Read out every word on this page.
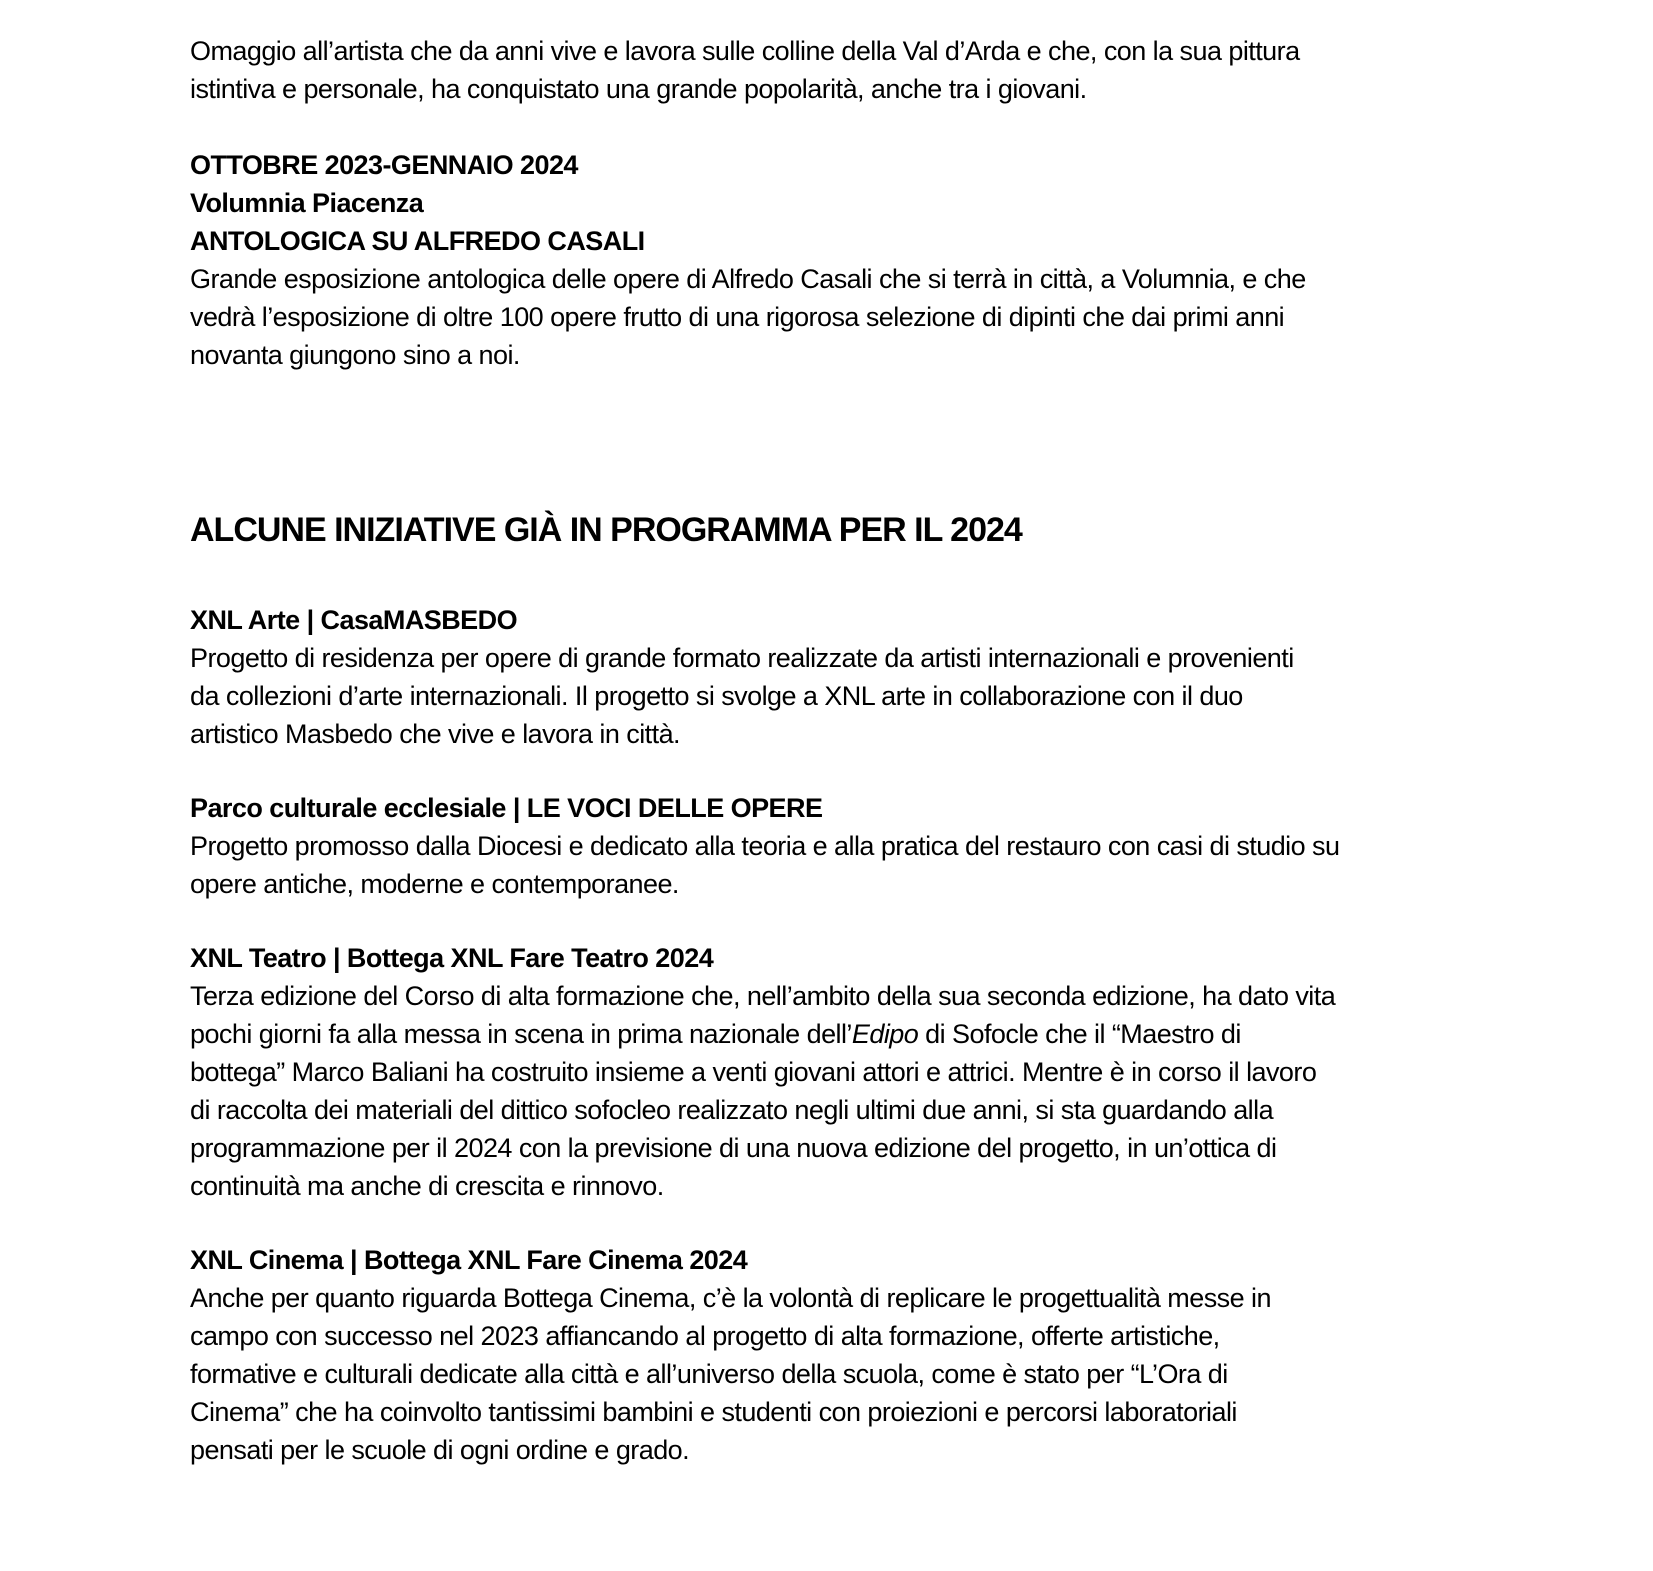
Omaggio all’artista che da anni vive e lavora sulle colline della Val d’Arda e che, con la sua pittura
istintiva e personale, ha conquistato una grande popolarità, anche tra i giovani.
OTTOBRE 2023-GENNAIO 2024
Volumnia Piacenza
ANTOLOGICA SU ALFREDO CASALI
Grande esposizione antologica delle opere di Alfredo Casali che si terrà in città, a Volumnia, e che
vedrà l’esposizione di oltre 100 opere frutto di una rigorosa selezione di dipinti che dai primi anni
novanta giungono sino a noi.
ALCUNE INIZIATIVE GIÀ IN PROGRAMMA PER IL 2024
XNL Arte | CasaMASBEDO
Progetto di residenza per opere di grande formato realizzate da artisti internazionali e provenienti
da collezioni d’arte internazionali. Il progetto si svolge a XNL arte in collaborazione con il duo
artistico Masbedo che vive e lavora in città.
Parco culturale ecclesiale | LE VOCI DELLE OPERE
Progetto promosso dalla Diocesi e dedicato alla teoria e alla pratica del restauro con casi di studio su
opere antiche, moderne e contemporanee.
XNL Teatro | Bottega XNL Fare Teatro 2024
Terza edizione del Corso di alta formazione che, nell’ambito della sua seconda edizione, ha dato vita
pochi giorni fa alla messa in scena in prima nazionale dell’Edipo di Sofocle che il “Maestro di
bottega” Marco Baliani ha costruito insieme a venti giovani attori e attrici. Mentre è in corso il lavoro
di raccolta dei materiali del dittico sofocleo realizzato negli ultimi due anni, si sta guardando alla
programmazione per il 2024 con la previsione di una nuova edizione del progetto, in un’ottica di
continuità ma anche di crescita e rinnovo.
XNL Cinema | Bottega XNL Fare Cinema 2024
Anche per quanto riguarda Bottega Cinema, c’è la volontà di replicare le progettualità messe in
campo con successo nel 2023 affiancando al progetto di alta formazione, offerte artistiche,
formative e culturali dedicate alla città e all’universo della scuola, come è stato per “L’Ora di
Cinema” che ha coinvolto tantissimi bambini e studenti con proiezioni e percorsi laboratoriali
pensati per le scuole di ogni ordine e grado.
